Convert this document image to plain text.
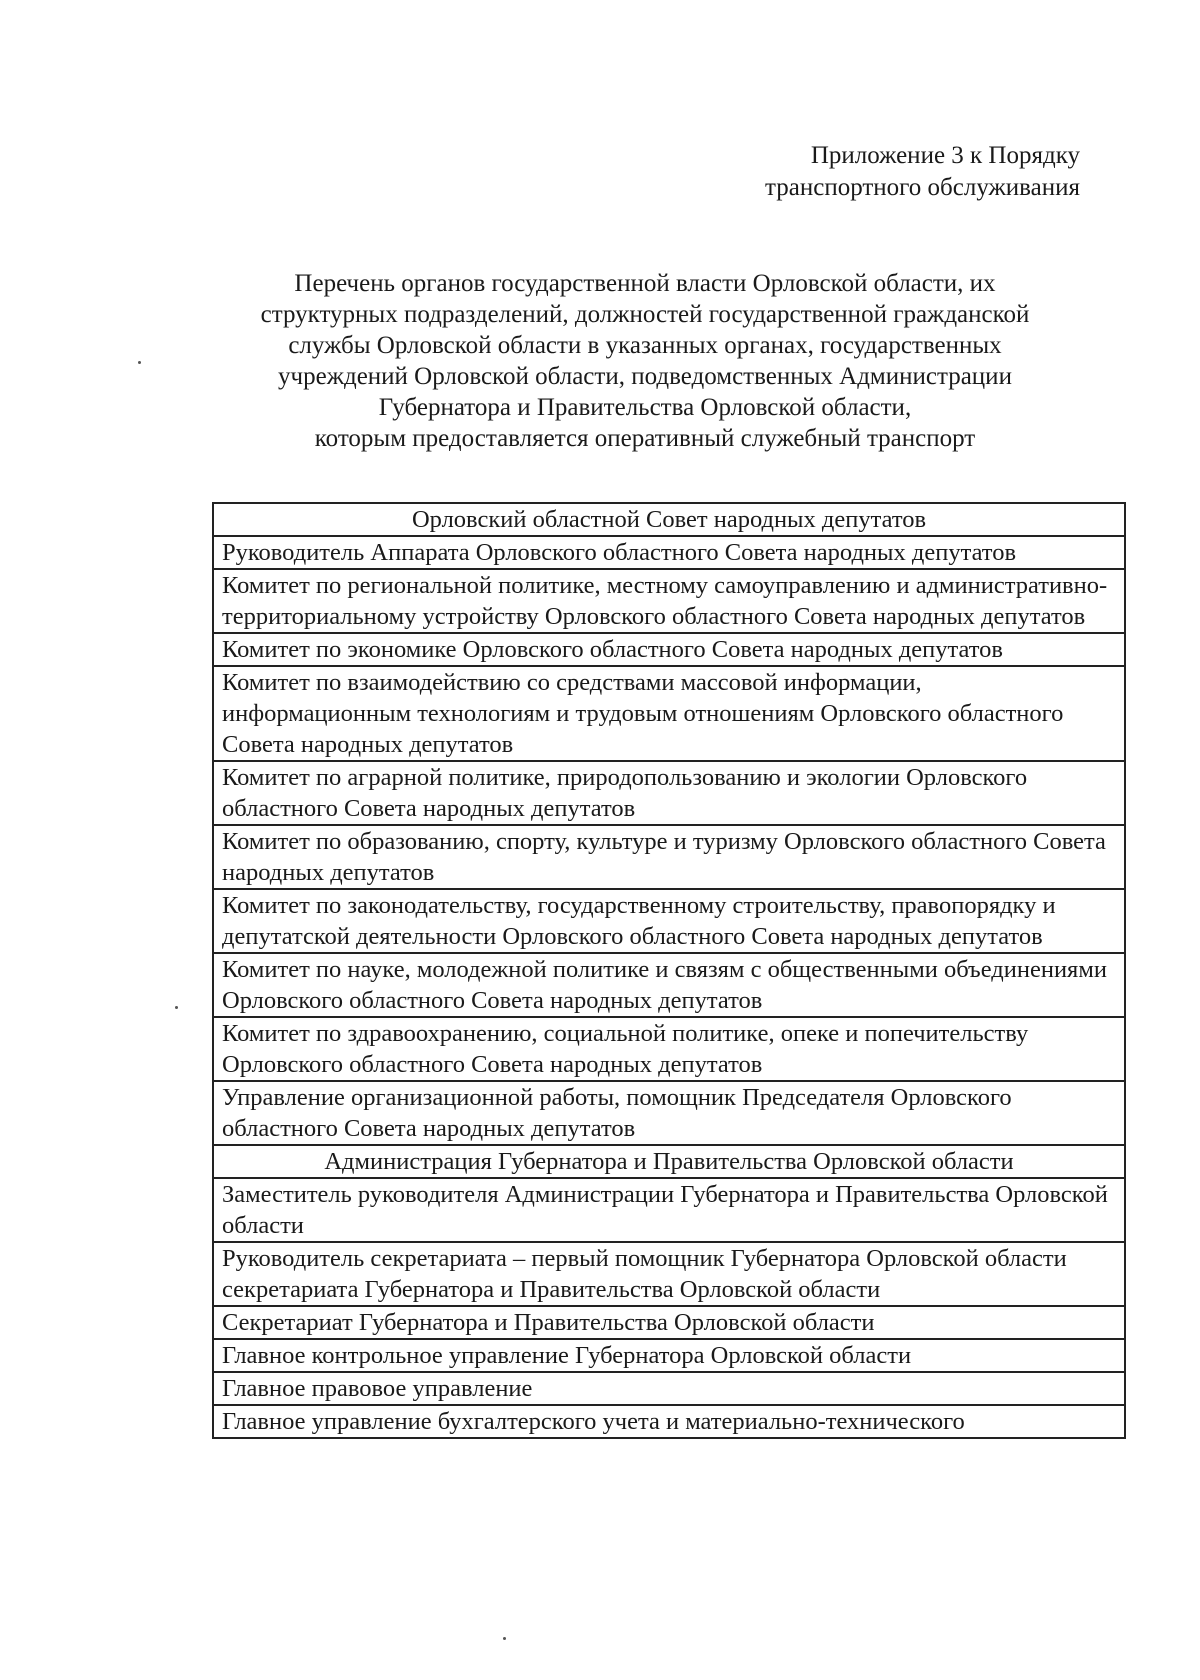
Приложение 3 к Порядку
транспортного обслуживания
Перечень органов государственной власти Орловской области, их
структурных подразделений, должностей государственной гражданской
службы Орловской области в указанных органах, государственных
учреждений Орловской области, подведомственных Администрации
Губернатора и Правительства Орловской области,
которым предоставляется оперативный служебный транспорт
Орловский областной Совет народных депутатов
Руководитель Аппарата Орловского областного Совета народных депутатов
Комитет по региональной политике, местному самоуправлению и административно-территориальному устройству Орловского областного Совета народных депутатов
Комитет по экономике Орловского областного Совета народных депутатов
Комитет по взаимодействию со средствами массовой информации, информационным технологиям и трудовым отношениям Орловского областного Совета народных депутатов
Комитет по аграрной политике, природопользованию и экологии Орловского областного Совета народных депутатов
Комитет по образованию, спорту, культуре и туризму Орловского областного Совета народных депутатов
Комитет по законодательству, государственному строительству, правопорядку и депутатской деятельности Орловского областного Совета народных депутатов
Комитет по науке, молодежной политике и связям с общественными объединениями Орловского областного Совета народных депутатов
Комитет по здравоохранению, социальной политике, опеке и попечительству Орловского областного Совета народных депутатов
Управление организационной работы, помощник Председателя Орловского областного Совета народных депутатов
Администрация Губернатора и Правительства Орловской области
Заместитель руководителя Администрации Губернатора и Правительства Орловской области
Руководитель секретариата – первый помощник Губернатора Орловской области секретариата Губернатора и Правительства Орловской области
Секретариат Губернатора и Правительства Орловской области
Главное контрольное управление Губернатора Орловской области
Главное правовое управление
Главное управление бухгалтерского учета и материально-технического
